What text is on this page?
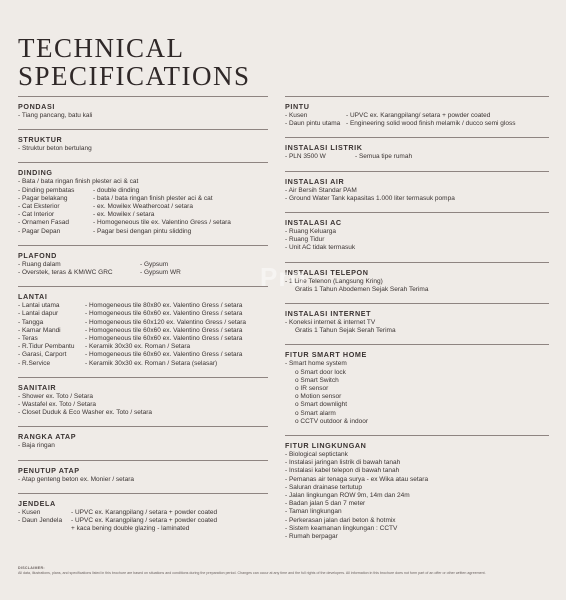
TECHNICAL
SPECIFICATIONS
PONDASI
- Tiang pancang, batu kali
STRUKTUR
- Struktur beton bertulang
DINDING
- Bata / bata ringan finish plester aci & cat
- Dinding pembatas	- double dinding
- Pagar belakang	- bata / bata ringan finish plester aci & cat
- Cat Eksterior	- ex. Mowilex Weathercoat / setara
- Cat Interior	- ex. Mowilex / setara
- Ornamen Fasad	- Homogeneous tile ex. Valentino Gress / setara
- Pagar Depan	- Pagar besi dengan pintu slidding
PLAFOND
- Ruang dalam	- Gypsum
- Overstek, teras & KM/WC GRC	- Gypsum WR
LANTAI
- Lantai utama	- Homogeneous tile 80x80 ex. Valentino Gress / setara
- Lantai dapur	- Homogeneous tile 60x60 ex. Valentino Gress / setara
- Tangga	- Homogeneous tile 60x120 ex. Valentino Gress / setara
- Kamar Mandi	- Homogeneous tile 60x60 ex. Valentino Gress / setara
- Teras	- Homogeneous tile 60x60 ex. Valentino Gress / setara
- R.Tidur Pembantu	- Keramik 30x30 ex. Roman / Setara
- Garasi, Carport	- Homogeneous tile 60x60 ex. Valentino Gress / setara
- R.Service	- Keramik 30x30 ex. Roman / Setara (selasar)
SANITAIR
- Shower ex. Toto / Setara
- Wastafel ex. Toto / Setara
- Closet Duduk & Eco Washer ex. Toto / setara
RANGKA ATAP
- Baja ringan
PENUTUP ATAP
- Atap genteng beton ex. Monier / setara
JENDELA
- Kusen	- UPVC ex. Karangpilang / setara + powder coated
- Daun Jendela	- UPVC ex. Karangpilang / setara + powder coated
+ kaca bening double glazing - laminated
PINTU
- Kusen	- UPVC ex. Karangpilang/ setara + powder coated
- Daun pintu utama - Engineering solid wood finish melamik / ducco semi gloss
INSTALASI LISTRIK
- PLN 3500 W	- Semua tipe rumah
INSTALASI AIR
- Air Bersih Standar PAM
- Ground Water Tank kapasitas 1.000 liter termasuk pompa
INSTALASI AC
- Ruang Keluarga
- Ruang Tidur
- Unit AC tidak termasuk
INSTALASI TELEPON
- 1 Line Telenon (Langsung Kring)
Gratis 1 Tahun Abodemen Sejak Serah Terima
INSTALASI INTERNET
- Koneksi internet & internet TV
Gratis 1 Tahun Sejak Serah Terima
FITUR SMART HOME
- Smart home system
o Smart door lock
o Smart Switch
o IR sensor
o Motion sensor
o Smart downlight
o Smart alarm
o CCTV outdoor & indoor
FITUR LINGKUNGAN
- Biological septictank
- Instalasi jaringan listrik di bawah tanah
- Instalasi kabel telepon di bawah tanah
- Pemanas air tenaga surya - ex Wika atau setara
- Saluran drainase tertutup
- Jalan lingkungan ROW 9m, 14m dan 24m
- Badan jalan 5 dan 7 meter
- Taman lingkungan
- Perkerasan jalan dari beton & hotmix
- Sistem keamanan lingkungan : CCTV
- Rumah berpagar
Pro
DISCLAIMER:
All data, illustrations, plans, and specifications listed in this brochure are based on situations and conditions during the preparation period. Changes can occur at any time and the full rights of the developers. All information in this brochure does not form part of an offer or other written agreement.
